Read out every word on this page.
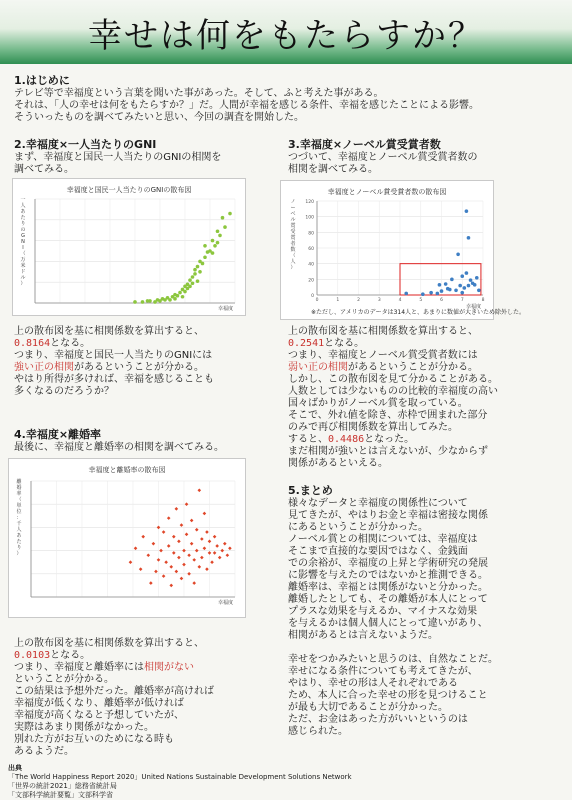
幸せは何をもたらすか？
1.はじめに
テレビ等で幸福度という言葉を聞いた事があった。そして、ふと考えた事がある。
それは、「人の幸せは何をもたらすか？」だ。人間が幸福を感じる条件、幸福を感じたことによる影響。
そういったものを調べてみたいと思い、今回の調査を開始した。
2.幸福度×一人当たりのGNI
まず、幸福度と国民一人当たりのGNIの相関を
調べてみる。
幸福度と国民一人当たりのGNIの散布図
幸福度
一
人
あ
た
り
の
G
N
I
（
万
米
ド
ル
）
上の散布図を基に相関係数を算出すると、
0.8164となる。
つまり、幸福度と国民一人当たりのGNIには
強い正の相関があるということが分かる。
やはり所得が多ければ、幸福を感じることも
多くなるのだろうか？
3.幸福度×ノーベル賞受賞者数
つづいて、幸福度とノーベル賞受賞者数の
相関を調べてみる。
幸福度とノーベル賞受賞者数の散布図
0
20
40
60
80
100
120
0	1	2	3	4	5	6	7	8
幸福度
ノ
ー
ベ
ル
賞
受
賞
者
数
（
人
）
※ただし、アメリカのデータは314人と、あまりに数値が大きいため除外した。
上の散布図を基に相関係数を算出すると、
0.2541となる。
つまり、幸福度とノーベル賞受賞者数には
弱い正の相関があるということが分かる。
しかし、この散布図を見て分かることがある。
人数としては少ないものの比較的幸福度の高い
国々ばかりがノーベル賞を取っている。
そこで、外れ値を除き、赤枠で囲まれた部分
のみで再び相関係数を算出してみた。
すると、0.4486となった。
まだ相関が強いとは言えないが、少なからず
関係があるといえる。
4.幸福度×離婚率
最後に、幸福度と離婚率の相関を調べてみる。
幸福度と離婚率の散布図
幸福度
離
婚
率
（
単
位
：
千
人
あ
た
り
）
上の散布図を基に相関係数を算出すると、
0.0103となる。
つまり、幸福度と離婚率には相関がない
ということが分かる。
この結果は予想外だった。離婚率が高ければ
幸福度が低くなり、離婚率が低ければ
幸福度が高くなると予想していたが、
実際はあまり関係がなかった。
別れた方がお互いのためになる時も
あるようだ。
5.まとめ
様々なデータと幸福度の関係性について
見てきたが、やはりお金と幸福は密接な関係
にあるということが分かった。
ノーベル賞との相関については、幸福度は
そこまで直接的な要因ではなく、金銭面
での余裕が、幸福度の上昇と学術研究の発展
に影響を与えたのではないかと推測できる。
離婚率は、幸福とは関係がないと分かった。
離婚したとしても、その離婚が本人にとって
プラスな効果を与えるか、マイナスな効果
を与えるかは個人個人にとって違いがあり、
相関があるとは言えないようだ。
幸せをつかみたいと思うのは、自然なことだ。
幸せになる条件についても考えてきたが、
やはり、幸せの形は人それぞれである
ため、本人に合った幸せの形を見つけること
が最も大切であることが分かった。
ただ、お金はあった方がいいというのは
感じられた。
出典
「The World Happiness Report 2020」United Nations Sustainable Development Solutions Network
「世界の統計2021」総務省統計局
「文部科学統計要覧」文部科学省
